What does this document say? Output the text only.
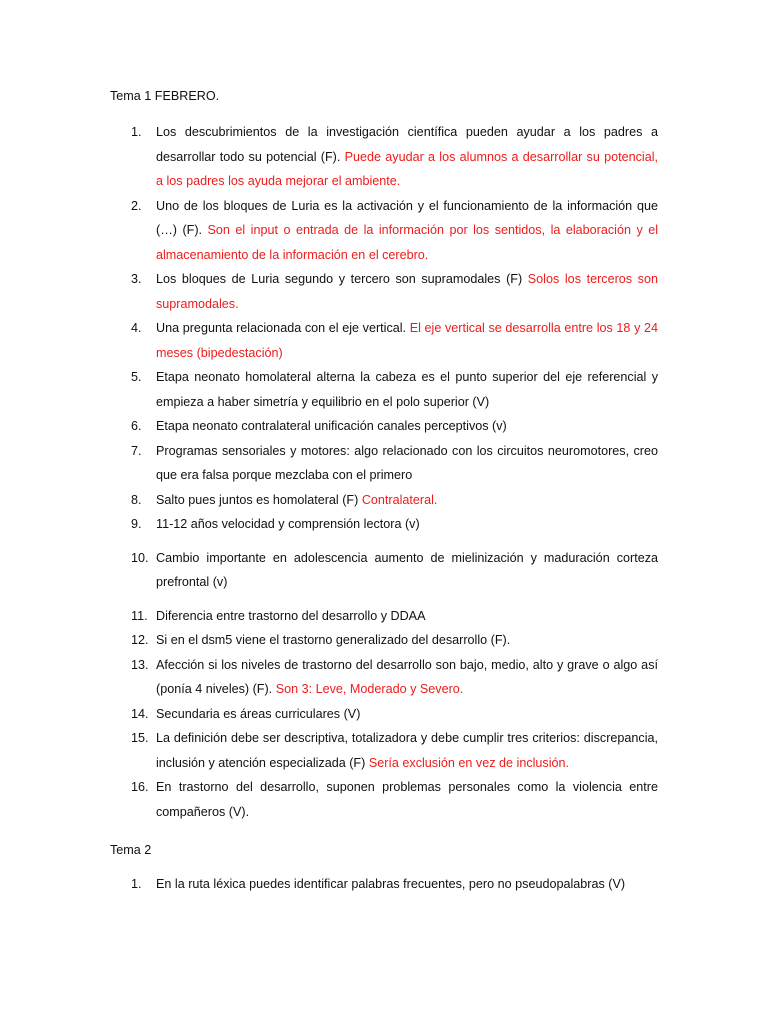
Tema 1 FEBRERO.

1.	Los descubrimientos de la investigación científica pueden ayudar a los padres a desarrollar todo su potencial (F). Puede ayudar a los alumnos a desarrollar su potencial, a los padres los ayuda mejorar el ambiente.
2.	Uno de los bloques de Luria es la activación y el funcionamiento de la información que (…) (F). Son el input o entrada de la información por los sentidos, la elaboración y el almacenamiento de la información en el cerebro.
3.	Los bloques de Luria segundo y tercero son supramodales (F) Solos los terceros son supramodales.
4.	Una pregunta relacionada con el eje vertical. El eje vertical se desarrolla entre los 18 y 24 meses (bipedestación)
5.	Etapa neonato homolateral alterna la cabeza es el punto superior del eje referencial y empieza a haber simetría y equilibrio en el polo superior (V)
6.	Etapa neonato contralateral unificación canales perceptivos (v)
7.	Programas sensoriales y motores: algo relacionado con los circuitos neuromotores, creo que era falsa porque mezclaba con el primero
8.	Salto pues juntos es homolateral (F) Contralateral.
9.	11-12 años velocidad y comprensión lectora (v)
10. Cambio importante en adolescencia aumento de mielinización y maduración corteza prefrontal (v)
11. Diferencia entre trastorno del desarrollo y DDAA
12. Si en el dsm5 viene el trastorno generalizado del desarrollo (F).
13. Afección si los niveles de trastorno del desarrollo son bajo, medio, alto y grave o algo así (ponía 4 niveles) (F). Son 3: Leve, Moderado y Severo.
14. Secundaria es áreas curriculares (V)
15. La definición debe ser descriptiva, totalizadora y debe cumplir tres criterios: discrepancia, inclusión y atención especializada (F) Sería exclusión en vez de inclusión.
16. En trastorno del desarrollo, suponen problemas personales como la violencia entre compañeros (V).

Tema 2

1.	En la ruta léxica puedes identificar palabras frecuentes, pero no pseudopalabras (V)
